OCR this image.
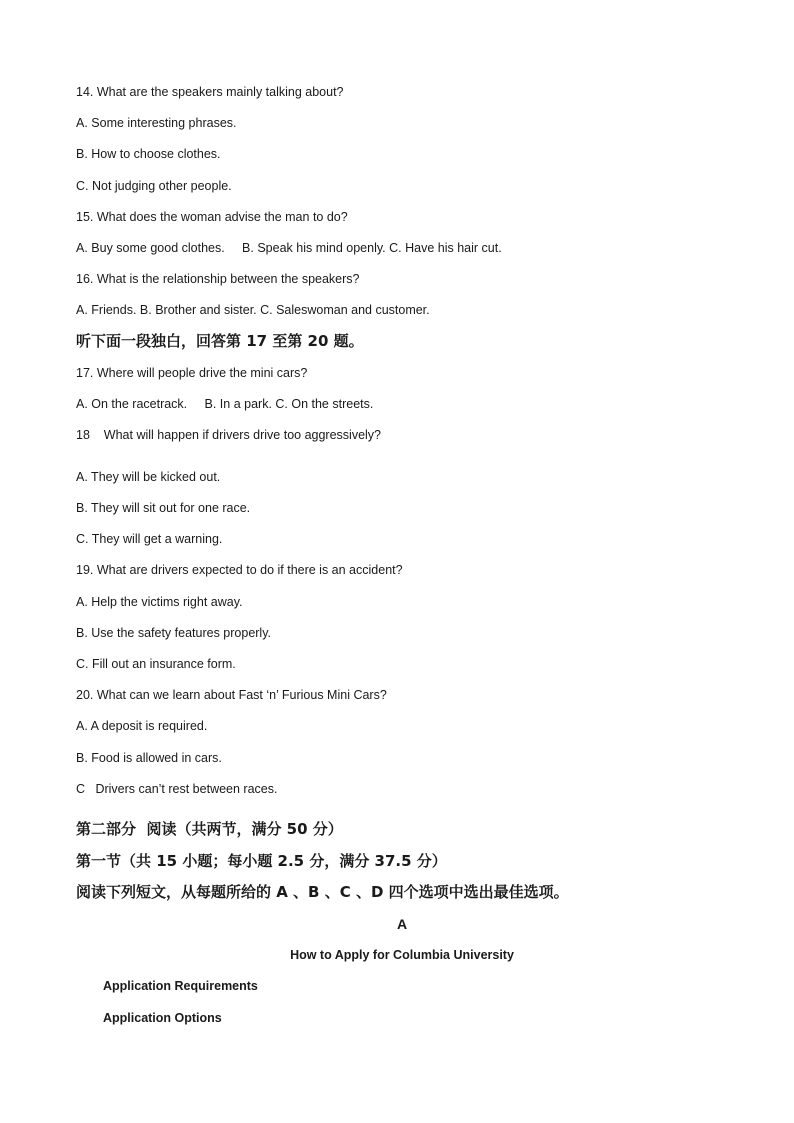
14. What are the speakers mainly talking about?
A. Some interesting phrases.
B. How to choose clothes.
C. Not judging other people.
15. What does the woman advise the man to do?
A. Buy some good clothes.     B. Speak his mind openly. C. Have his hair cut.
16. What is the relationship between the speakers?
A. Friends. B. Brother and sister. C. Saleswoman and customer.
听下面一段独白，回答第 17 至第 20 题。
17. Where will people drive the mini cars?
A. On the racetrack.     B. In a park. C. On the streets.
18    What will happen if drivers drive too aggressively?
A. They will be kicked out.
B. They will sit out for one race.
C. They will get a warning.
19. What are drivers expected to do if there is an accident?
A. Help the victims right away.
B. Use the safety features properly.
C. Fill out an insurance form.
20. What can we learn about Fast ‘n’ Furious Mini Cars?
A. A deposit is required.
B. Food is allowed in cars.
C   Drivers can’t rest between races.
第二部分  阅读（共两节，满分 50 分）
第一节（共 15 小题；每小题 2.5 分，满分 37.5 分）
阅读下列短文，从每题所给的 A 、B 、C 、D 四个选项中选出最佳选项。
A
How to Apply for Columbia University
Application Requirements
Application Options
